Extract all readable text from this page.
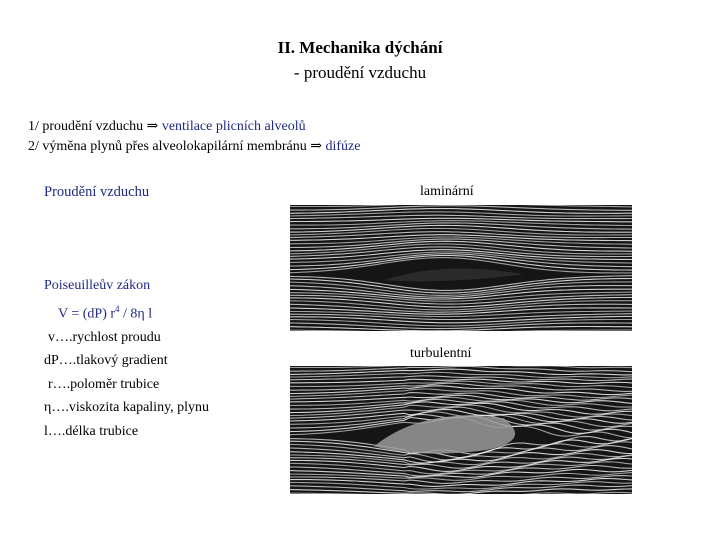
II. Mechanika dýchání
- proudění vzduchu
1/ proudění vzduchu ⇒ ventilace plicních alveolů
2/ výměna plynů přes alveolokapilární membránu ⇒ difúze
Proudění vzduchu	laminární
Poiseuilleův zákon
V = (dP) $r^4 / 8\eta$ l
v….rychlost proudu
dP….tlakový gradient
r….poloměr trubice
η….viskozita kapaliny, plynu
l….délka trubice
turbulentní
